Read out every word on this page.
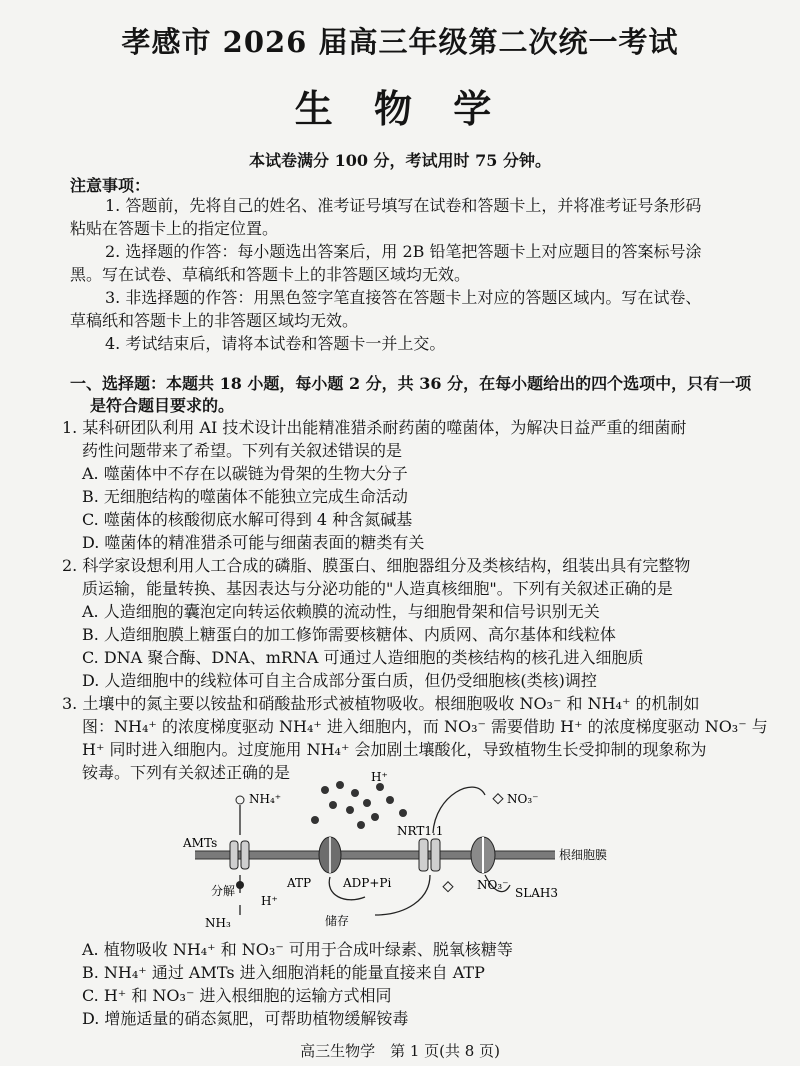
孝感市 2026 届高三年级第二次统一考试
生 物 学
本试卷满分 100 分，考试用时 75 分钟。
注意事项：
1. 答题前，先将自己的姓名、准考证号填写在试卷和答题卡上，并将准考证号条形码
粘贴在答题卡上的指定位置。
2. 选择题的作答：每小题选出答案后，用 2B 铅笔把答题卡上对应题目的答案标号涂
黑。写在试卷、草稿纸和答题卡上的非答题区域均无效。
3. 非选择题的作答：用黑色签字笔直接答在答题卡上对应的答题区域内。写在试卷、
草稿纸和答题卡上的非答题区域均无效。
4. 考试结束后，请将本试卷和答题卡一并上交。
一、选择题：本题共 18 小题，每小题 2 分，共 36 分，在每小题给出的四个选项中，只有一项
是符合题目要求的。
1. 某科研团队利用 AI 技术设计出能精准猎杀耐药菌的噬菌体，为解决日益严重的细菌耐
药性问题带来了希望。下列有关叙述错误的是
A. 噬菌体中不存在以碳链为骨架的生物大分子
B. 无细胞结构的噬菌体不能独立完成生命活动
C. 噬菌体的核酸彻底水解可得到 4 种含氮碱基
D. 噬菌体的精准猎杀可能与细菌表面的糖类有关
2. 科学家设想利用人工合成的磷脂、膜蛋白、细胞器组分及类核结构，组装出具有完整物
质运输，能量转换、基因表达与分泌功能的"人造真核细胞"。下列有关叙述正确的是
A. 人造细胞的囊泡定向转运依赖膜的流动性，与细胞骨架和信号识别无关
B. 人造细胞膜上糖蛋白的加工修饰需要核糖体、内质网、高尔基体和线粒体
C. DNA 聚合酶、DNA、mRNA 可通过人造细胞的类核结构的核孔进入细胞质
D. 人造细胞中的线粒体可自主合成部分蛋白质，但仍受细胞核(类核)调控
3. 土壤中的氮主要以铵盐和硝酸盐形式被植物吸收。根细胞吸收 NO₃⁻ 和 NH₄⁺ 的机制如
图：NH₄⁺ 的浓度梯度驱动 NH₄⁺ 进入细胞内，而 NO₃⁻ 需要借助 H⁺ 的浓度梯度驱动 NO₃⁻ 与
H⁺ 同时进入细胞内。过度施用 NH₄⁺ 会加剧土壤酸化，导致植物生长受抑制的现象称为
铵毒。下列有关叙述正确的是
NH₄⁺
AMTs
H⁺
NRT1.1
NO₃⁻
根细胞膜
分解
NH₃
H⁺
ATP	ADP+Pi
储存
SLAH3
NO₃⁻
A. 植物吸收 NH₄⁺ 和 NO₃⁻ 可用于合成叶绿素、脱氧核糖等
B. NH₄⁺ 通过 AMTs 进入细胞消耗的能量直接来自 ATP
C. H⁺ 和 NO₃⁻ 进入根细胞的运输方式相同
D. 增施适量的硝态氮肥，可帮助植物缓解铵毒
高三生物学　第 1 页(共 8 页)
